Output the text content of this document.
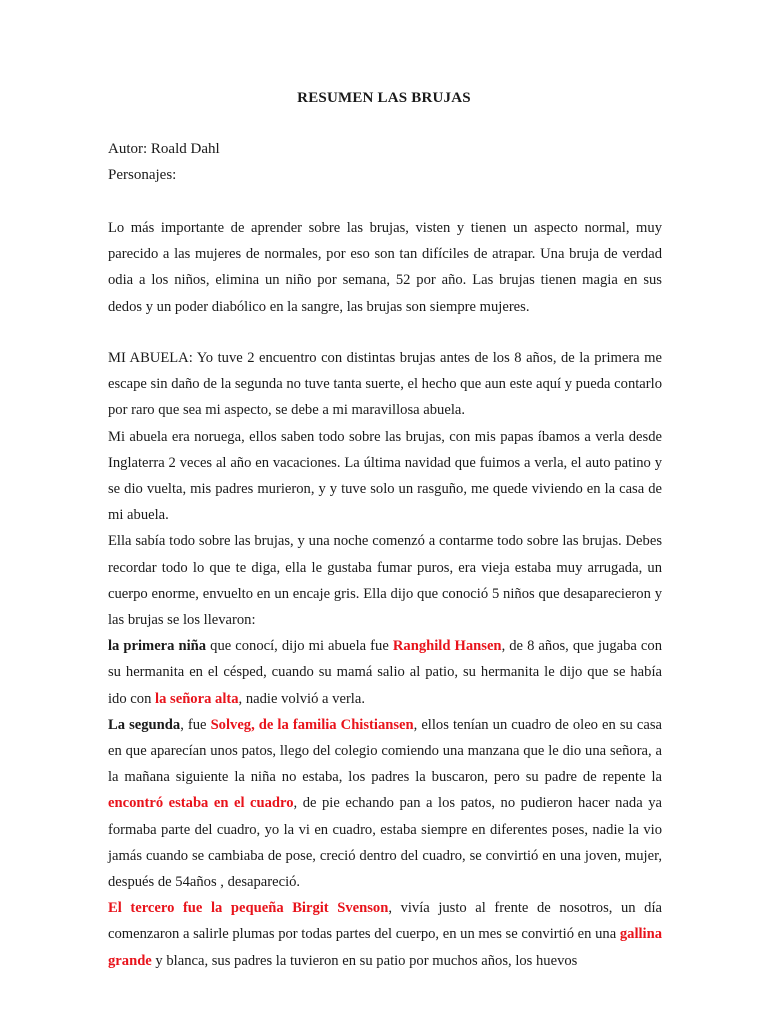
RESUMEN LAS BRUJAS
Autor: Roald Dahl
Personajes:

Lo más importante de aprender sobre las brujas, visten y tienen un aspecto normal, muy parecido a las mujeres de normales, por eso son tan difíciles de atrapar. Una bruja de verdad odia a los niños, elimina un niño por semana, 52 por año. Las brujas tienen magia en sus dedos y un poder diabólico en la sangre, las brujas son siempre mujeres.

MI ABUELA: Yo tuve 2 encuentro con distintas brujas antes de los 8 años, de la primera me escape sin daño de la segunda no tuve tanta suerte, el hecho que aun este aquí y pueda contarlo por raro que sea mi aspecto, se debe a mi maravillosa abuela.

Mi abuela era noruega, ellos saben todo sobre las brujas, con mis papas íbamos a verla desde Inglaterra 2 veces al año en vacaciones. La última navidad que fuimos a verla, el auto patino y se dio vuelta, mis padres murieron, y y tuve solo un rasguño, me quede viviendo en la casa de mi abuela.

Ella sabía todo sobre las brujas, y una noche comenzó a contarme todo sobre las brujas. Debes recordar todo lo que te diga, ella le gustaba fumar puros, era vieja estaba muy arrugada, un cuerpo enorme, envuelto en un encaje gris. Ella dijo que conoció 5 niños que desaparecieron y las brujas se los llevaron:

la primera niña que conocí, dijo mi abuela fue Ranghild Hansen, de 8 años, que jugaba con su hermanita en el césped, cuando su mamá salio al patio, su hermanita le dijo que se había ido con la señora alta, nadie volvió a verla.

La segunda, fue Solveg, de la familia Chistiansen, ellos tenían un cuadro de oleo en su casa en que aparecían unos patos, llego del colegio comiendo una manzana que le dio una señora, a la mañana siguiente la niña no estaba, los padres la buscaron, pero su padre de repente la encontró estaba en el cuadro, de pie echando pan a los patos, no pudieron hacer nada ya formaba parte del cuadro, yo la vi en cuadro, estaba siempre en diferentes poses, nadie la vio jamás cuando se cambiaba de pose, creció dentro del cuadro, se convirtió en una joven, mujer, después de 54años , desapareció.

El tercero fue la pequeña Birgit Svenson, vivía justo al frente de nosotros, un día comenzaron a salirle plumas por todas partes del cuerpo, en un mes se convirtió en una gallina grande y blanca, sus padres la tuvieron en su patio por muchos años, los huevos
